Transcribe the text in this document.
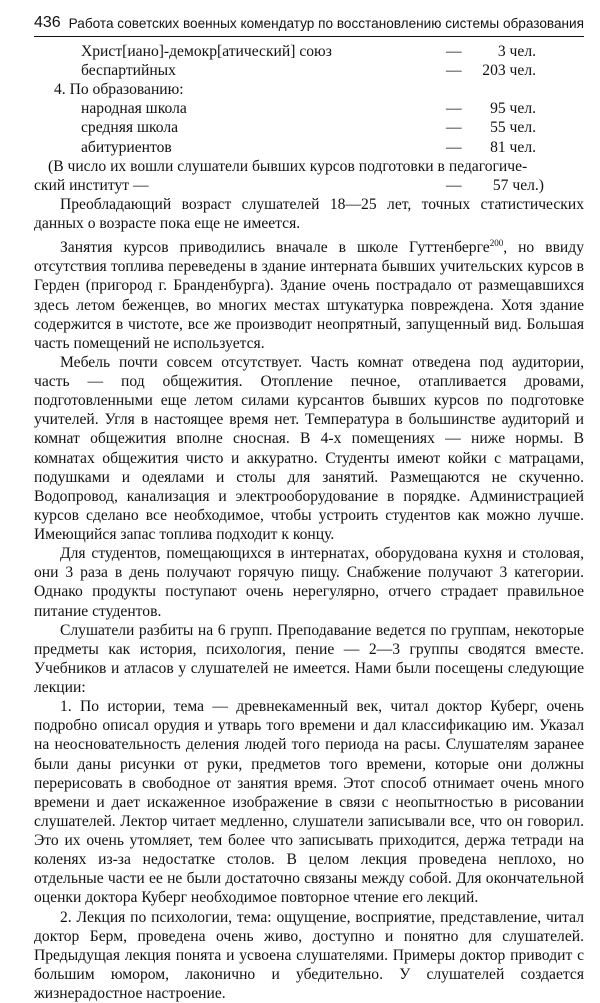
436 Работа советских военных комендатур по восстановлению системы образования
Христ[иано]-демокр[атический] союз	— 3 чел.
беспартийных	— 203 чел.
4. По образованию:
народная школа	— 95 чел.
средняя школа	— 55 чел.
абитуриентов	— 81 чел.
(В число их вошли слушатели бывших курсов подготовки в педагогиче-
ский институт —	— 57 чел.)

Преобладающий возраст слушателей 18—25 лет, точных статистических данных о возрасте пока еще не имеется.

Занятия курсов приводились вначале в школе Гуттенберге$^{200}$, но ввиду отсутствия топлива переведены в здание интерната бывших учительских курсов в Герден (пригород г. Бранденбурга). Здание очень пострадало от размещавшихся здесь летом беженцев, во многих местах штукатурка повреждена. Хотя здание содержится в чистоте, все же производит неопрятный, запущенный вид. Большая часть помещений не используется.

Мебель почти совсем отсутствует. Часть комнат отведена под аудитории, часть — под общежития. Отопление печное, отапливается дровами, подготовленными еще летом силами курсантов бывших курсов по подготовке учителей. Угля в настоящее время нет. Температура в большинстве аудиторий и комнат общежития вполне сносная. В 4-х помещениях — ниже нормы. В комнатах общежития чисто и аккуратно. Студенты имеют койки с матрацами, подушками и одеялами и столы для занятий. Размещаются не скученно. Водопровод, канализация и электрооборудование в порядке. Администрацией курсов сделано все необходимое, чтобы устроить студентов как можно лучше. Имеющийся запас топлива подходит к концу.

Для студентов, помещающихся в интернатах, оборудована кухня и столовая, они 3 раза в день получают горячую пищу. Снабжение получают 3 категории. Однако продукты поступают очень нерегулярно, отчего страдает правильное питание студентов.

Слушатели разбиты на 6 групп. Преподавание ведется по группам, некоторые предметы как история, психология, пение — 2—3 группы сводятся вместе. Учебников и атласов у слушателей не имеется. Нами были посещены следующие лекции:

1. По истории, тема — древнекаменный век, читал доктор Куберг, очень подробно описал орудия и утварь того времени и дал классификацию им. Указал на неосновательность деления людей того периода на расы. Слушателям заранее были даны рисунки от руки, предметов того времени, которые они должны перерисовать в свободное от занятия время. Этот способ отнимает очень много времени и дает искаженное изображение в связи с неопытностью в рисовании слушателей. Лектор читает медленно, слушатели записывали все, что он говорил. Это их очень утомляет, тем более что записывать приходится, держа тетради на коленях из-за недостатке столов. В целом лекция проведена неплохо, но отдельные части ее не были достаточно связаны между собой. Для окончательной оценки доктора Куберг необходимое повторное чтение его лекций.

2. Лекция по психологии, тема: ощущение, восприятие, представление, читал доктор Берм, проведена очень живо, доступно и понятно для слушателей. Предыдущая лекция понята и усвоена слушателями. Примеры доктор приводит с большим юмором, лаконично и убедительно. У слушателей создается жизнерадостное настроение.
